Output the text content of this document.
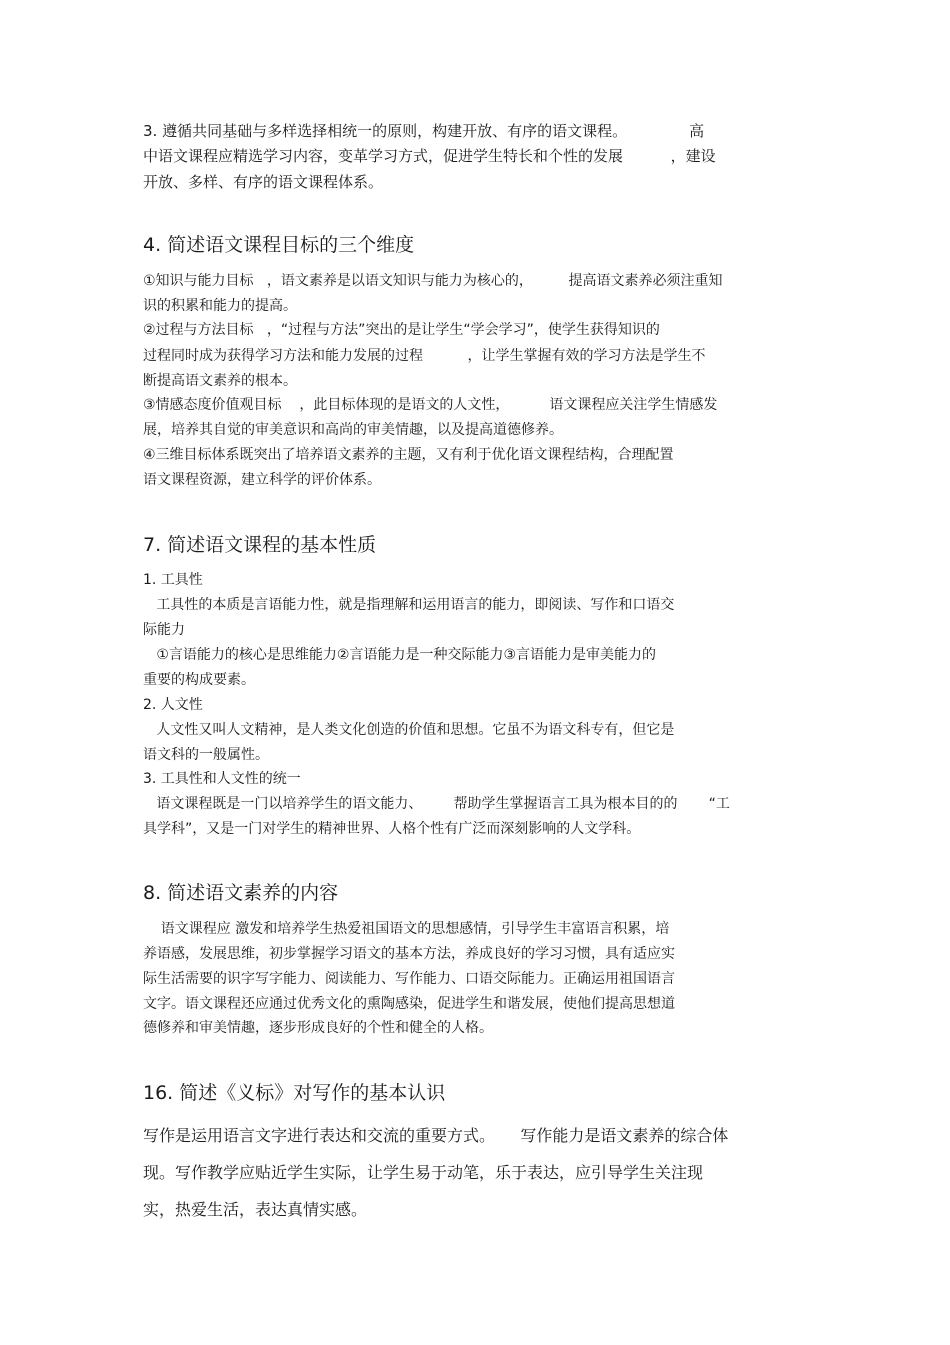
3. 遵循共同基础与多样选择相统一的原则，构建开放、有序的语文课程。             高
中语文课程应精选学习内容，变革学习方式，促进学生特长和个性的发展          ，建设
开放、多样、有序的语文课程体系。
4. 简述语文课程目标的三个维度
①知识与能力目标   ，语文素养是以语文知识与能力为核心的，        提高语文素养必须注重知
识的积累和能力的提高。
②过程与方法目标   ，“过程与方法”突出的是让学生“学会学习”，使学生获得知识的
过程同时成为获得学习方法和能力发展的过程          ，让学生掌握有效的学习方法是学生不
断提高语文素养的根本。
③情感态度价值观目标    ，此目标体现的是语文的人文性，         语文课程应关注学生情感发
展，培养其自觉的审美意识和高尚的审美情趣，以及提高道德修养。
④三维目标体系既突出了培养语文素养的主题，又有利于优化语文课程结构，合理配置
语文课程资源，建立科学的评价体系。
7. 简述语文课程的基本性质
1. 工具性
工具性的本质是言语能力性，就是指理解和运用语言的能力，即阅读、写作和口语交
际能力
①言语能力的核心是思维能力②言语能力是一种交际能力③言语能力是审美能力的
重要的构成要素。
2. 人文性
人文性又叫人文精神，是人类文化创造的价值和思想。它虽不为语文科专有，但它是
语文科的一般属性。
3. 工具性和人文性的统一
语文课程既是一门以培养学生的语文能力、       帮助学生掌握语言工具为根本目的的       “工
具学科”，又是一门对学生的精神世界、人格个性有广泛而深刻影响的人文学科。
8. 简述语文素养的内容
语文课程应 激发和培养学生热爱祖国语文的思想感情，引导学生丰富语言积累，培
养语感，发展思维，初步掌握学习语文的基本方法，养成良好的学习习惯，具有适应实
际生活需要的识字写字能力、阅读能力、写作能力、口语交际能力。正确运用祖国语言
文字。语文课程还应通过优秀文化的熏陶感染，促进学生和谐发展，使他们提高思想道
德修养和审美情趣，逐步形成良好的个性和健全的人格。
16. 简述《义标》对写作的基本认识
写作是运用语言文字进行表达和交流的重要方式。     写作能力是语文素养的综合体
现。写作教学应贴近学生实际，让学生易于动笔，乐于表达，应引导学生关注现
实，热爱生活，表达真情实感。
